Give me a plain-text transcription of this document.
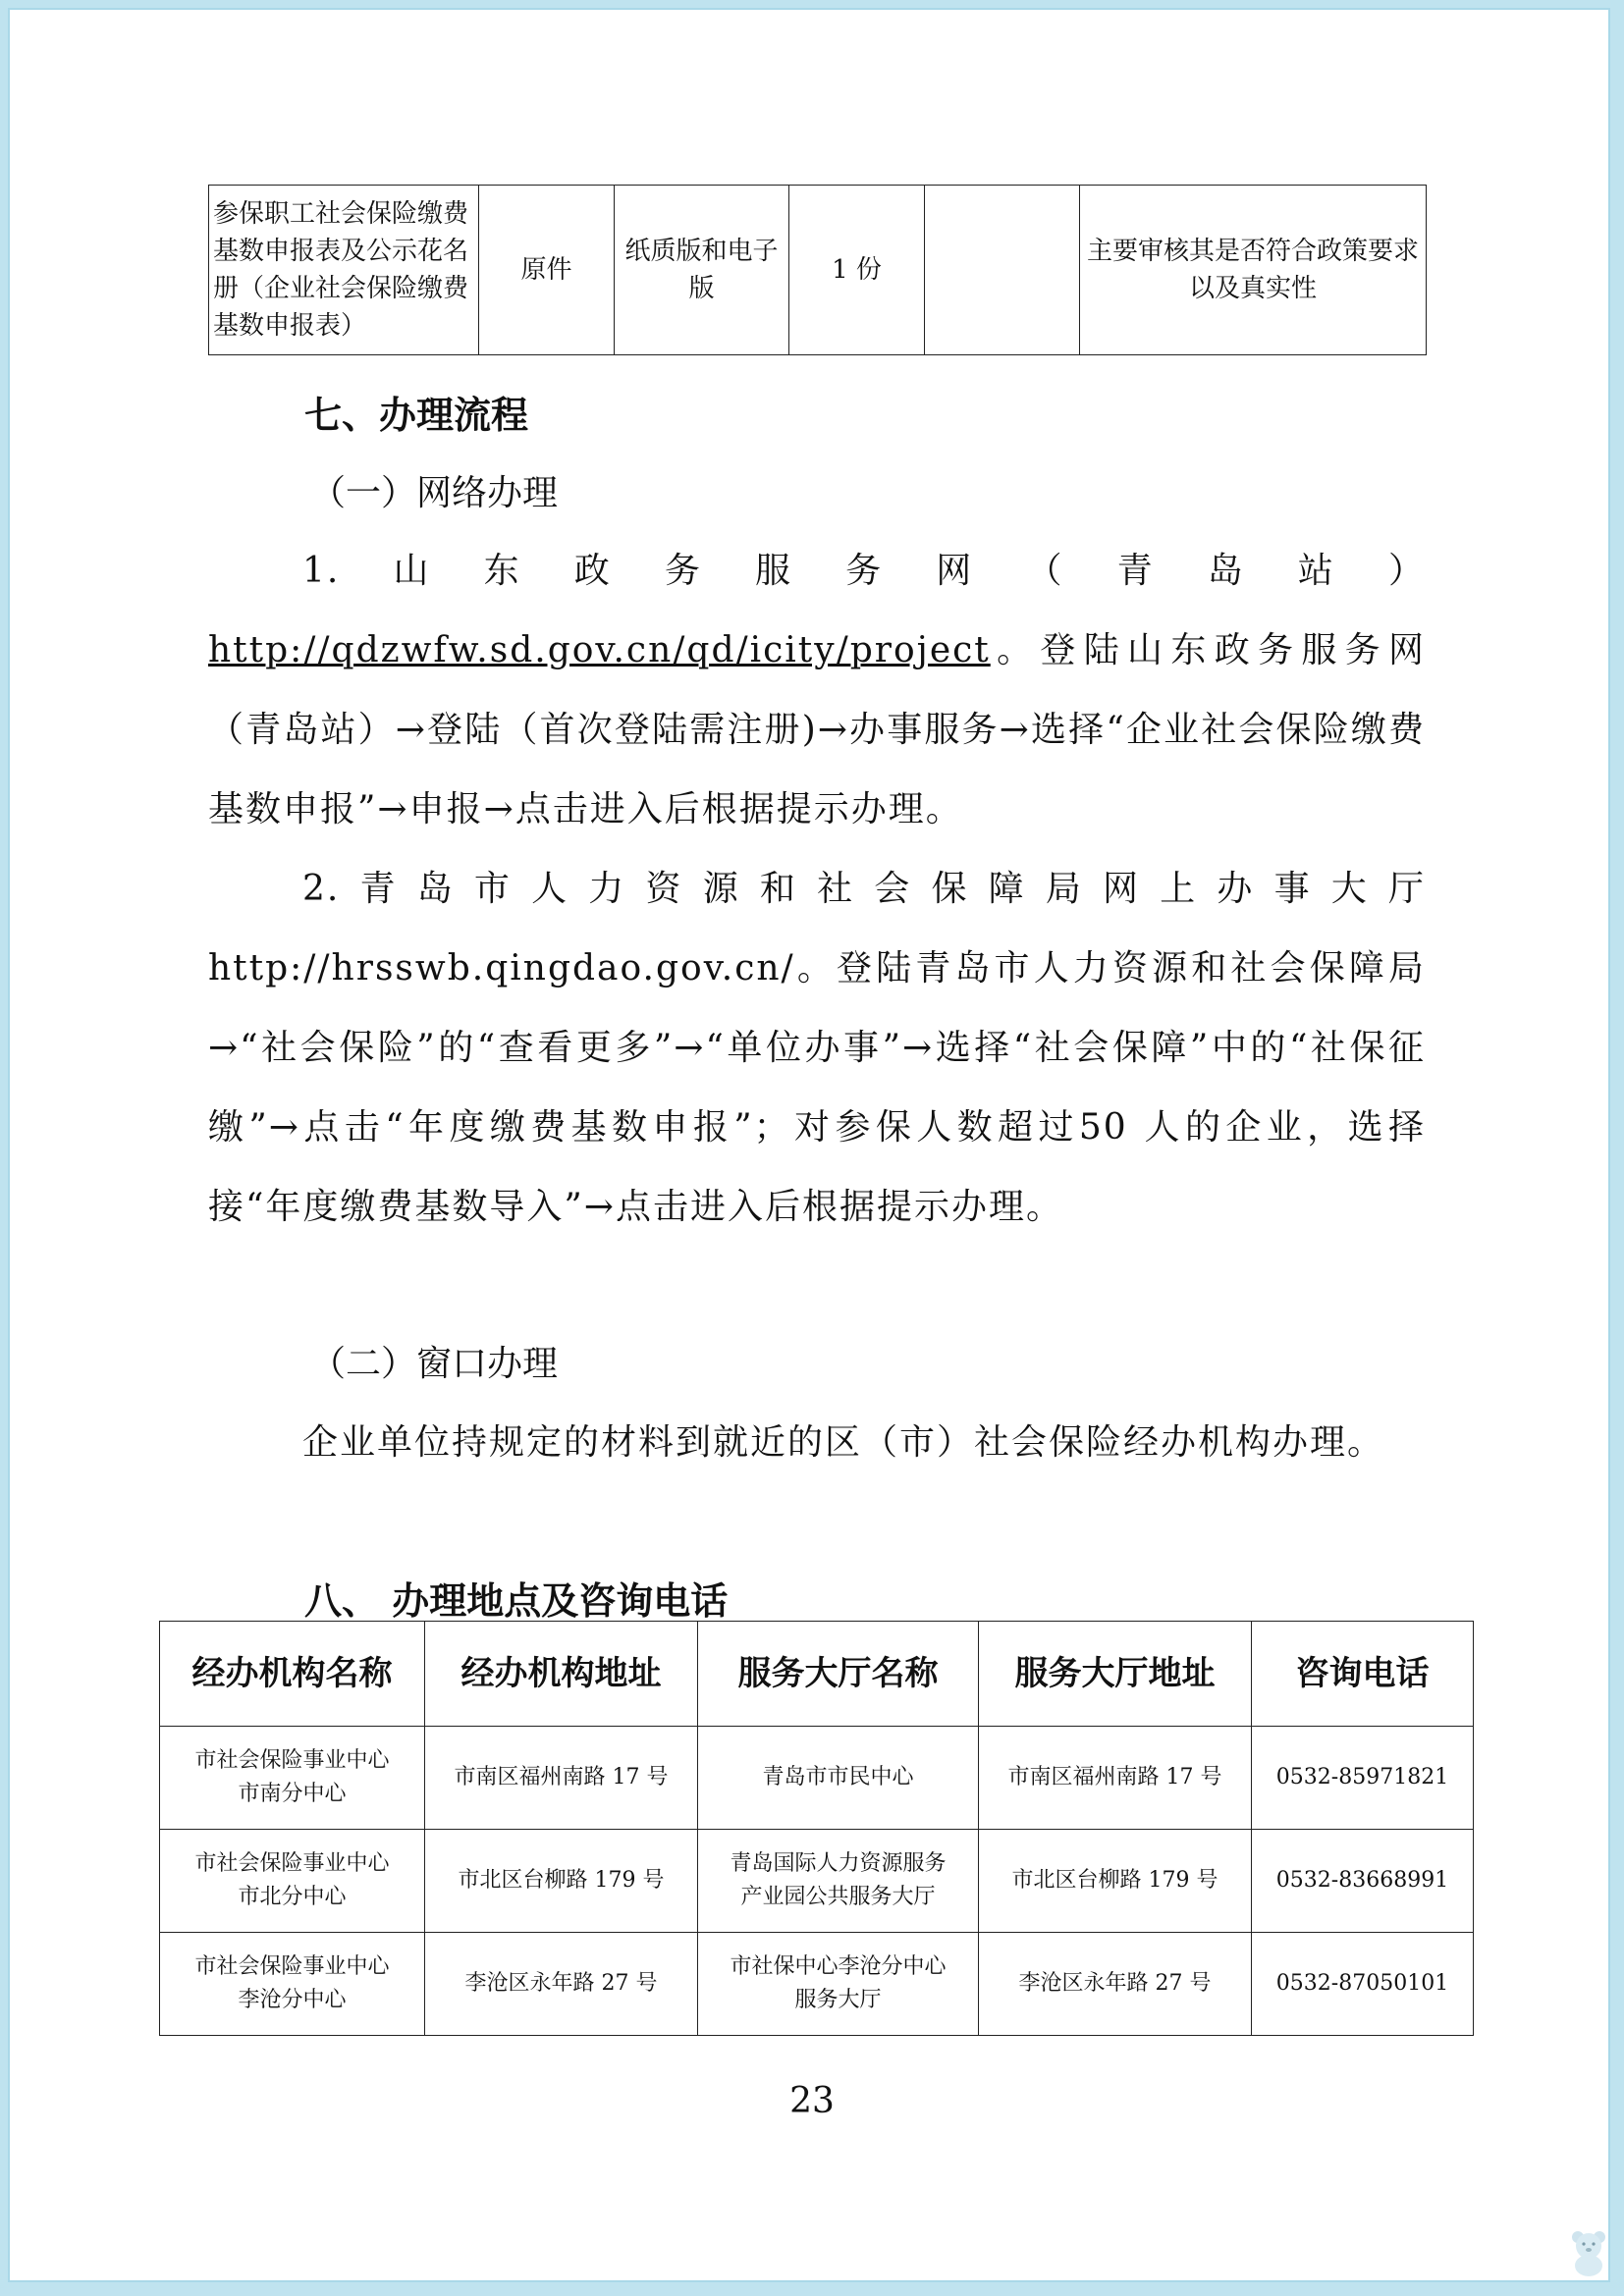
参保职工社会保险缴费基数申报表及公示花名册（企业社会保险缴费基数申报表）	原件	纸质版和电子版	1 份		主要审核其是否符合政策要求以及真实性
七、办理流程
（一）网络办理
1.山东政务服务网（青岛站）http://qdzwfw.sd.gov.cn/qd/icity/project。登陆山东政务服务网（青岛站）→登陆（首次登陆需注册)→办事服务→选择“企业社会保险缴费基数申报”→申报→点击进入后根据提示办理。
2.青岛市人力资源和社会保障局网上办事大厅http://hrsswb.qingdao.gov.cn/。登陆青岛市人力资源和社会保障局→“社会保险”的“查看更多”→“单位办事”→选择“社会保障”中的“社保征缴”→点击“年度缴费基数申报”；对参保人数超过50 人的企业，选择接“年度缴费基数导入”→点击进入后根据提示办理。
（二）窗口办理
企业单位持规定的材料到就近的区（市）社会保险经办机构办理。
八、 办理地点及咨询电话
经办机构名称	经办机构地址	服务大厅名称	服务大厅地址	咨询电话
市社会保险事业中心
市南分中心	市南区福州南路 17 号	青岛市市民中心	市南区福州南路 17 号	0532-85971821
市社会保险事业中心
市北分中心	市北区台柳路 179 号	青岛国际人力资源服务
产业园公共服务大厅	市北区台柳路 179 号	0532-83668991
市社会保险事业中心
李沧分中心	李沧区永年路 27 号	市社保中心李沧分中心
服务大厅	李沧区永年路 27 号	0532-87050101
23
